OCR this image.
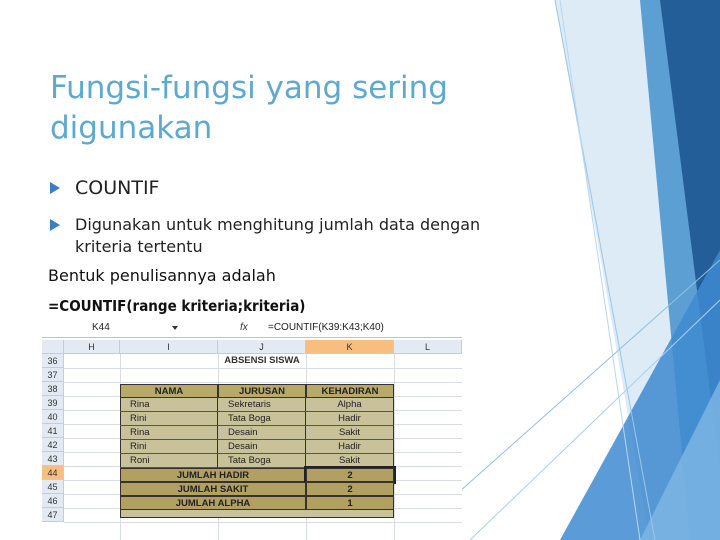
Fungsi-fungsi yang sering digunakan
COUNTIF
Digunakan untuk menghitung jumlah data dengan kriteria tertentu
Bentuk penulisannya adalah
=COUNTIF(range kriteria;kriteria)
K44	fx =COUNTIF(K39:K43;K40)
H	I	J	K	L
36
37
38
39
40
41
42
43
44
45
46
47
ABSENSI SISWA
NAMA	JURUSAN	KEHADIRAN
Rina	Sekretaris	Alpha
Rini	Tata Boga	Hadir
Rina	Desain	Sakit
Rini	Desain	Hadir
Roni	Tata Boga	Sakit
JUMLAH HADIR	2
JUMLAH SAKIT	2
JUMLAH ALPHA	1
